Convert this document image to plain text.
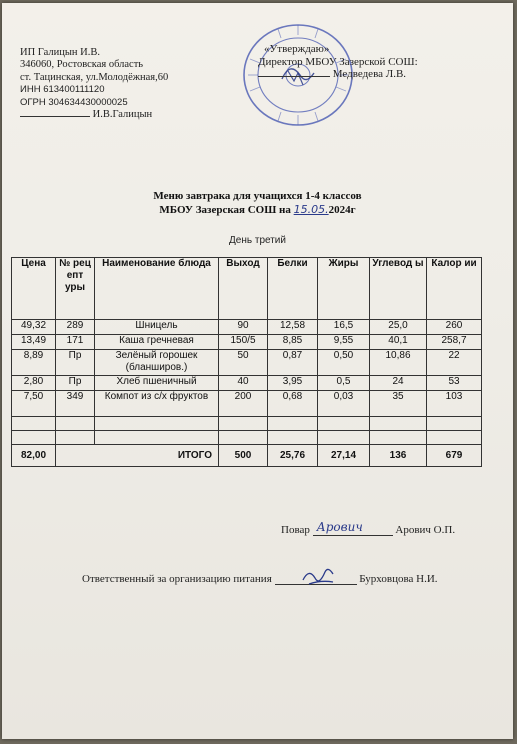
ИП Галицын И.В.
346060, Ростовская область
ст. Тацинская, ул.Молодёжная,60
ИНН 613400111120
ОГРН 304634430000025
И.В.Галицын
«Утверждаю»
Директор МБОУ Зазерской СОШ:
Медведева Л.В.
Меню завтрака для учащихся 1-4 классов
МБОУ Зазерская СОШ на 15.05.2024г
День третий
Цена	№ рец епт уры	Наименование блюда	Выход	Белки	Жиры	Углевод ы	Калор ии
49,32	289	Шницель	90	12,58	16,5	25,0	260
13,49	171	Каша гречневая	150/5	8,85	9,55	40,1	258,7
8,89	Пр	Зелёный горошек (бланширов.)	50	0,87	0,50	10,86	22
2,80	Пр	Хлеб пшеничный	40	3,95	0,5	24	53
7,50	349	Компот из с/х фруктов	200	0,68	0,03	35	103

82,00	ИТОГО		500	25,76	27,14	136	679
Повар Арович	Арович О.П.
Ответственный за организацию питания	Бурховцова Н.И.
